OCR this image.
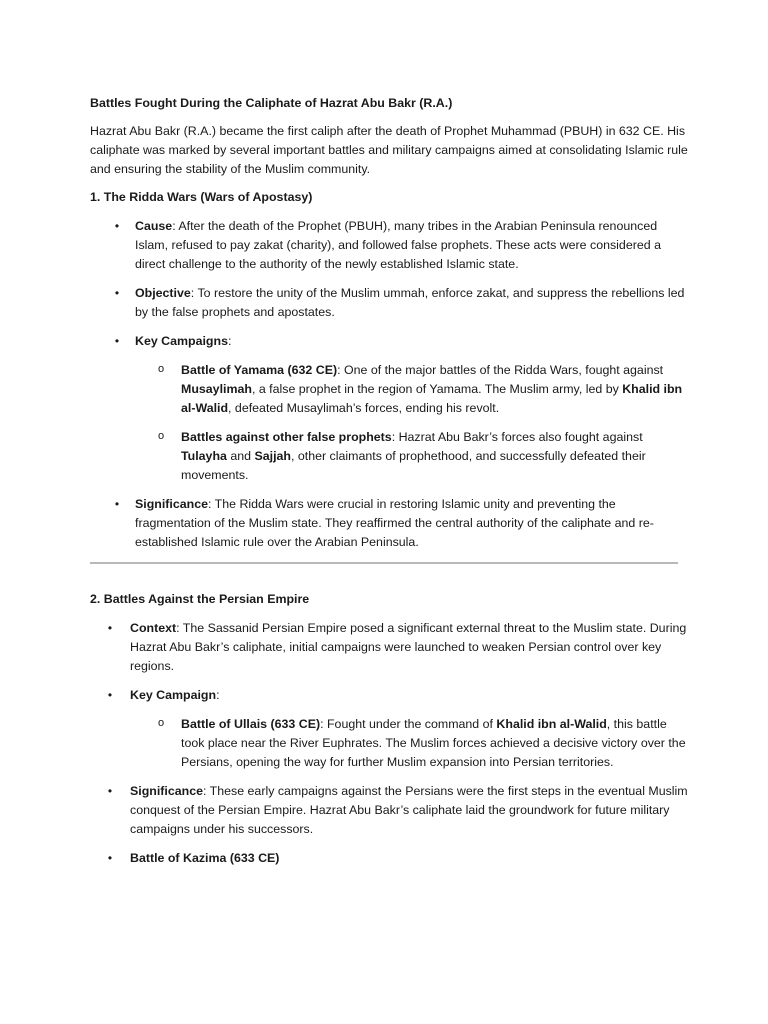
Battles Fought During the Caliphate of Hazrat Abu Bakr (R.A.)
Hazrat Abu Bakr (R.A.) became the first caliph after the death of Prophet Muhammad (PBUH) in 632 CE. His caliphate was marked by several important battles and military campaigns aimed at consolidating Islamic rule and ensuring the stability of the Muslim community.
1. The Ridda Wars (Wars of Apostasy)
• Cause: After the death of the Prophet (PBUH), many tribes in the Arabian Peninsula renounced Islam, refused to pay zakat (charity), and followed false prophets. These acts were considered a direct challenge to the authority of the newly established Islamic state.
• Objective: To restore the unity of the Muslim ummah, enforce zakat, and suppress the rebellions led by the false prophets and apostates.
• Key Campaigns:
o Battle of Yamama (632 CE): One of the major battles of the Ridda Wars, fought against Musaylimah, a false prophet in the region of Yamama. The Muslim army, led by Khalid ibn al-Walid, defeated Musaylimah’s forces, ending his revolt.
o Battles against other false prophets: Hazrat Abu Bakr’s forces also fought against Tulayha and Sajjah, other claimants of prophethood, and successfully defeated their movements.
• Significance: The Ridda Wars were crucial in restoring Islamic unity and preventing the fragmentation of the Muslim state. They reaffirmed the central authority of the caliphate and re-established Islamic rule over the Arabian Peninsula.
2. Battles Against the Persian Empire
• Context: The Sassanid Persian Empire posed a significant external threat to the Muslim state. During Hazrat Abu Bakr’s caliphate, initial campaigns were launched to weaken Persian control over key regions.
• Key Campaign:
o Battle of Ullais (633 CE): Fought under the command of Khalid ibn al-Walid, this battle took place near the River Euphrates. The Muslim forces achieved a decisive victory over the Persians, opening the way for further Muslim expansion into Persian territories.
• Significance: These early campaigns against the Persians were the first steps in the eventual Muslim conquest of the Persian Empire. Hazrat Abu Bakr’s caliphate laid the groundwork for future military campaigns under his successors.
• Battle of Kazima (633 CE)
